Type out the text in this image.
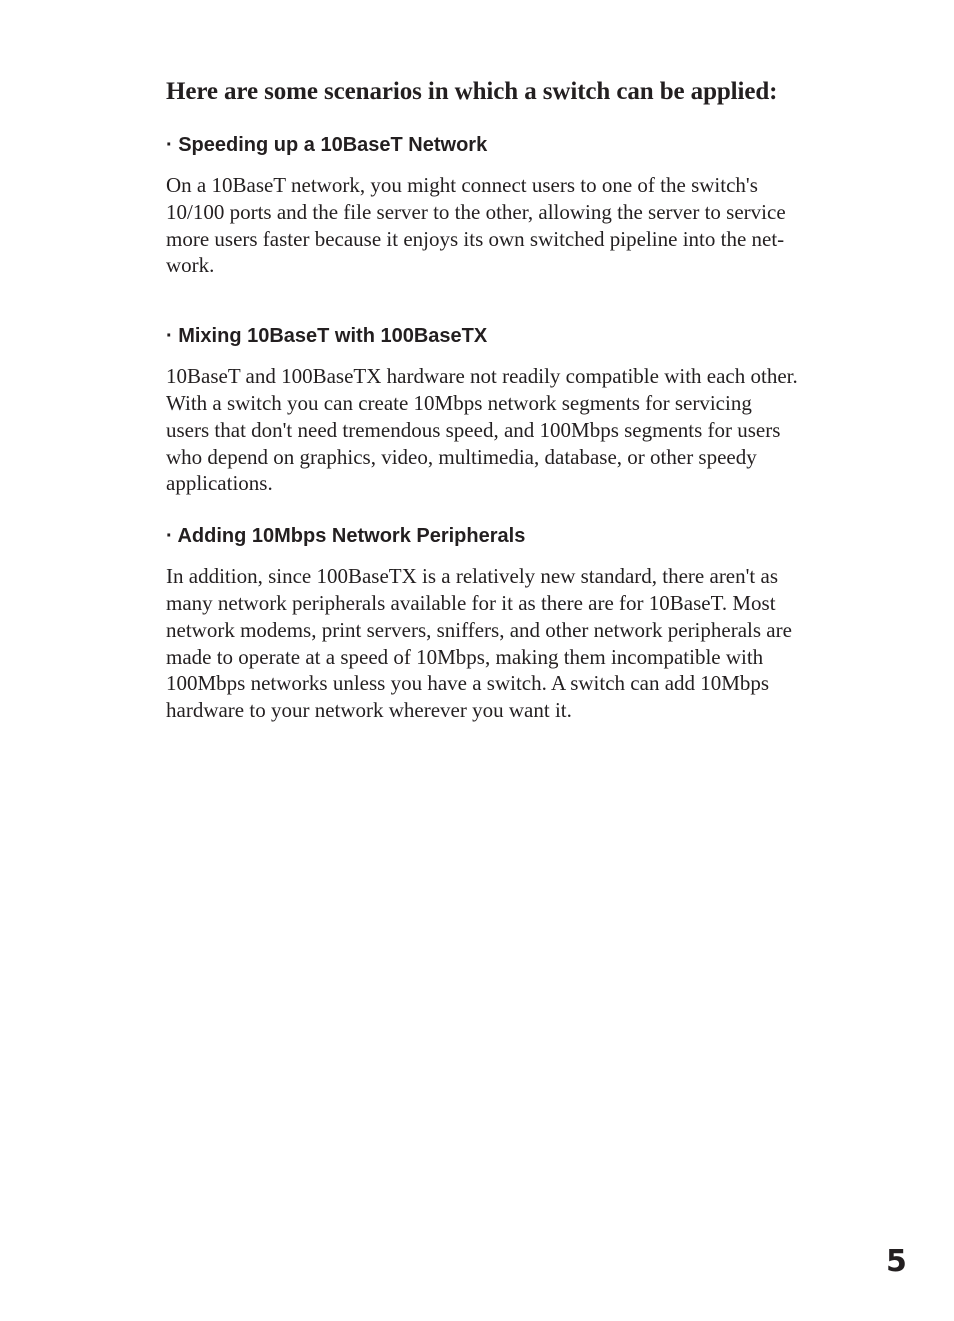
Here are some scenarios in which a switch can be applied:
· Speeding up a 10BaseT Network

On a 10BaseT network, you might connect users to one of the switch's
10/100 ports and the file server to the other, allowing the server to service
more users faster because it enjoys its own switched pipeline into the net-
work.

· Mixing 10BaseT with 100BaseTX

10BaseT and 100BaseTX hardware not readily compatible with each other.
With a switch you can create 10Mbps network segments for servicing
users that don't need tremendous speed, and 100Mbps segments for users
who depend on graphics, video, multimedia, database, or other speedy
applications.

· Adding 10Mbps Network Peripherals

In addition, since 100BaseTX is a relatively new standard, there aren't as
many network peripherals available for it as there are for 10BaseT. Most
network modems, print servers, sniffers, and other network peripherals are
made to operate at a speed of 10Mbps, making them incompatible with
100Mbps networks unless you have a switch. A switch can add 10Mbps
hardware to your network wherever you want it.

5
